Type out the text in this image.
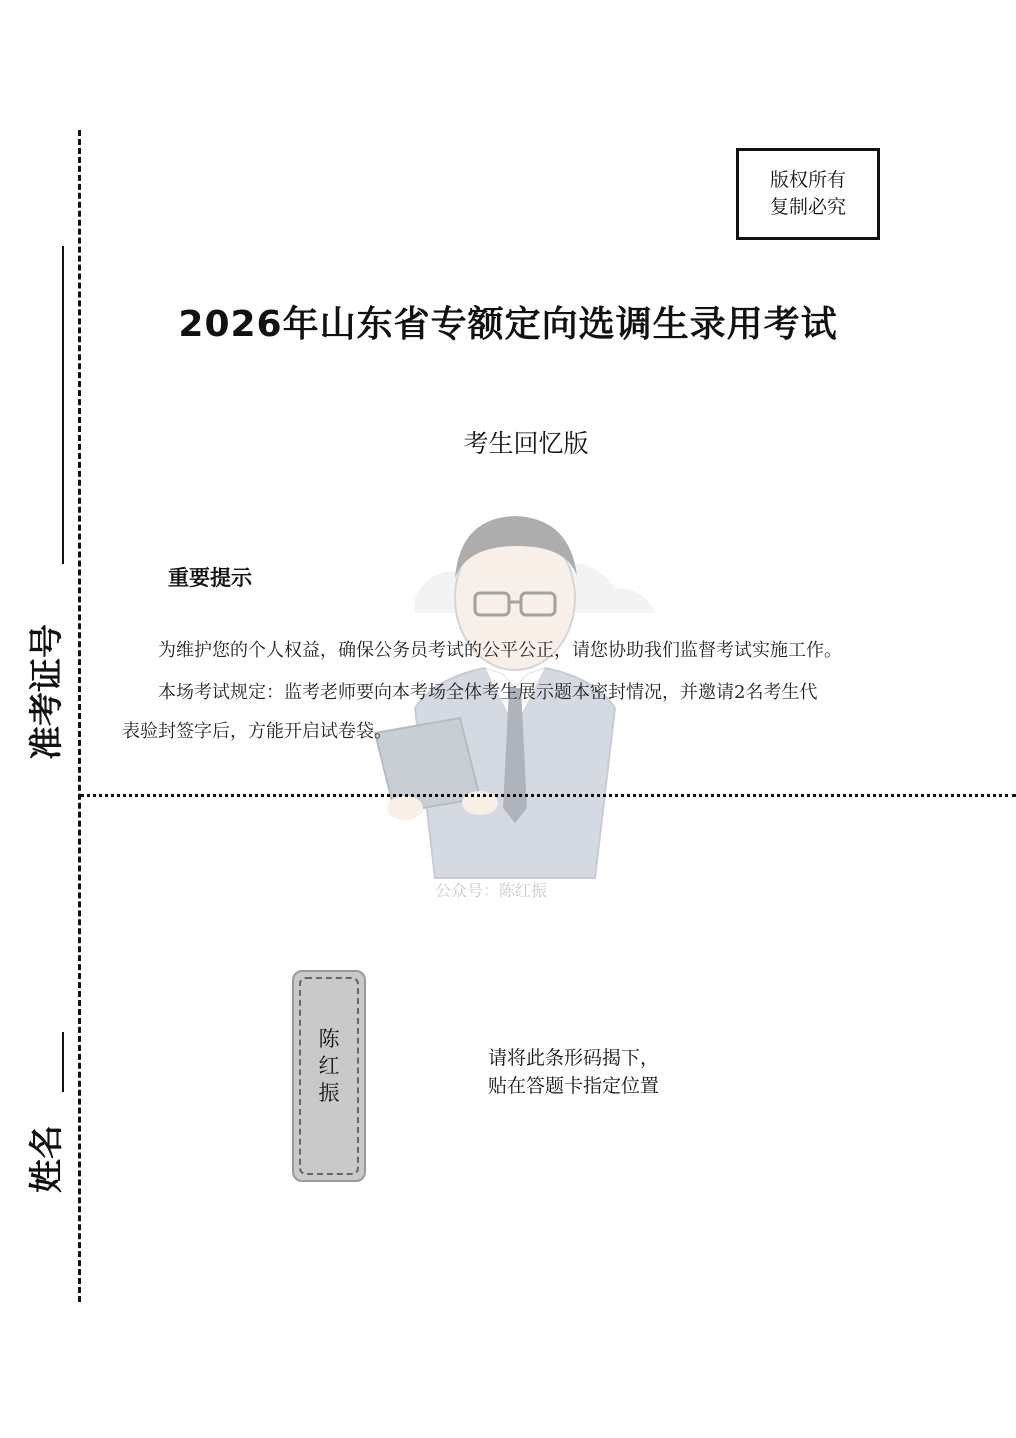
准考证号
姓名
版权所有
复制必究
2026年山东省专额定向选调生录用考试
考生回忆版
公众号：陈红振
重要提示
为维护您的个人权益，确保公务员考试的公平公正，请您协助我们监督考试实施工作。
本场考试规定：监考老师要向本考场全体考生展示题本密封情况，并邀请2名考生代
表验封签字后，方能开启试卷袋。
陈
红
振
请将此条形码揭下，
贴在答题卡指定位置
